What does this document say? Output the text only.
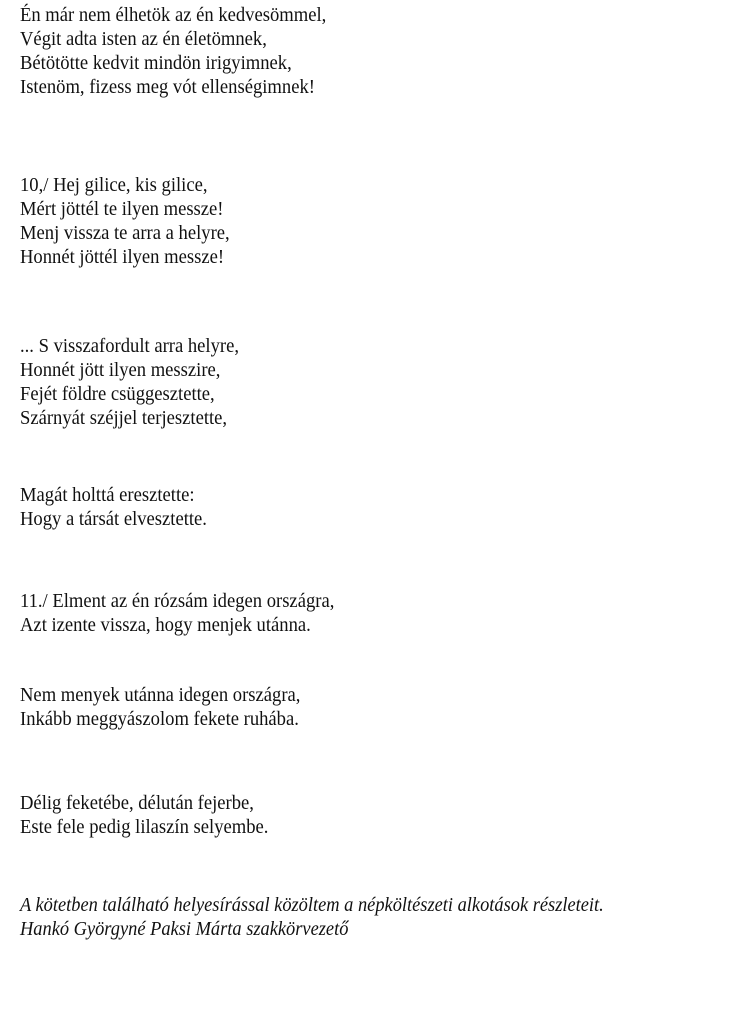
Én már nem élhetök az én kedvesömmel,
Végit adta isten az én életömnek,
Bétötötte kedvit mindön irigyimnek,
Istenöm, fizess meg vót ellenségimnek!
10,/ Hej gilice, kis gilice,
Mért jöttél te ilyen messze!
Menj vissza te arra a helyre,
Honnét jöttél ilyen messze!
... S visszafordult arra helyre,
Honnét jött ilyen messzire,
Fejét földre csüggesztette,
Szárnyát széjjel terjesztette,
Magát holttá eresztette:
Hogy a társát elvesztette.
11./ Elment az én rózsám idegen országra,
Azt izente vissza, hogy menjek utánna.
Nem menyek utánna idegen országra,
Inkább meggyászolom fekete ruhába.
Délig feketébe, délután fejerbe,
Este fele pedig lilaszín selyembe.
A kötetben található helyesírással közöltem a népköltészeti alkotások részleteit.
Hankó Györgyné Paksi Márta szakkörvezető
